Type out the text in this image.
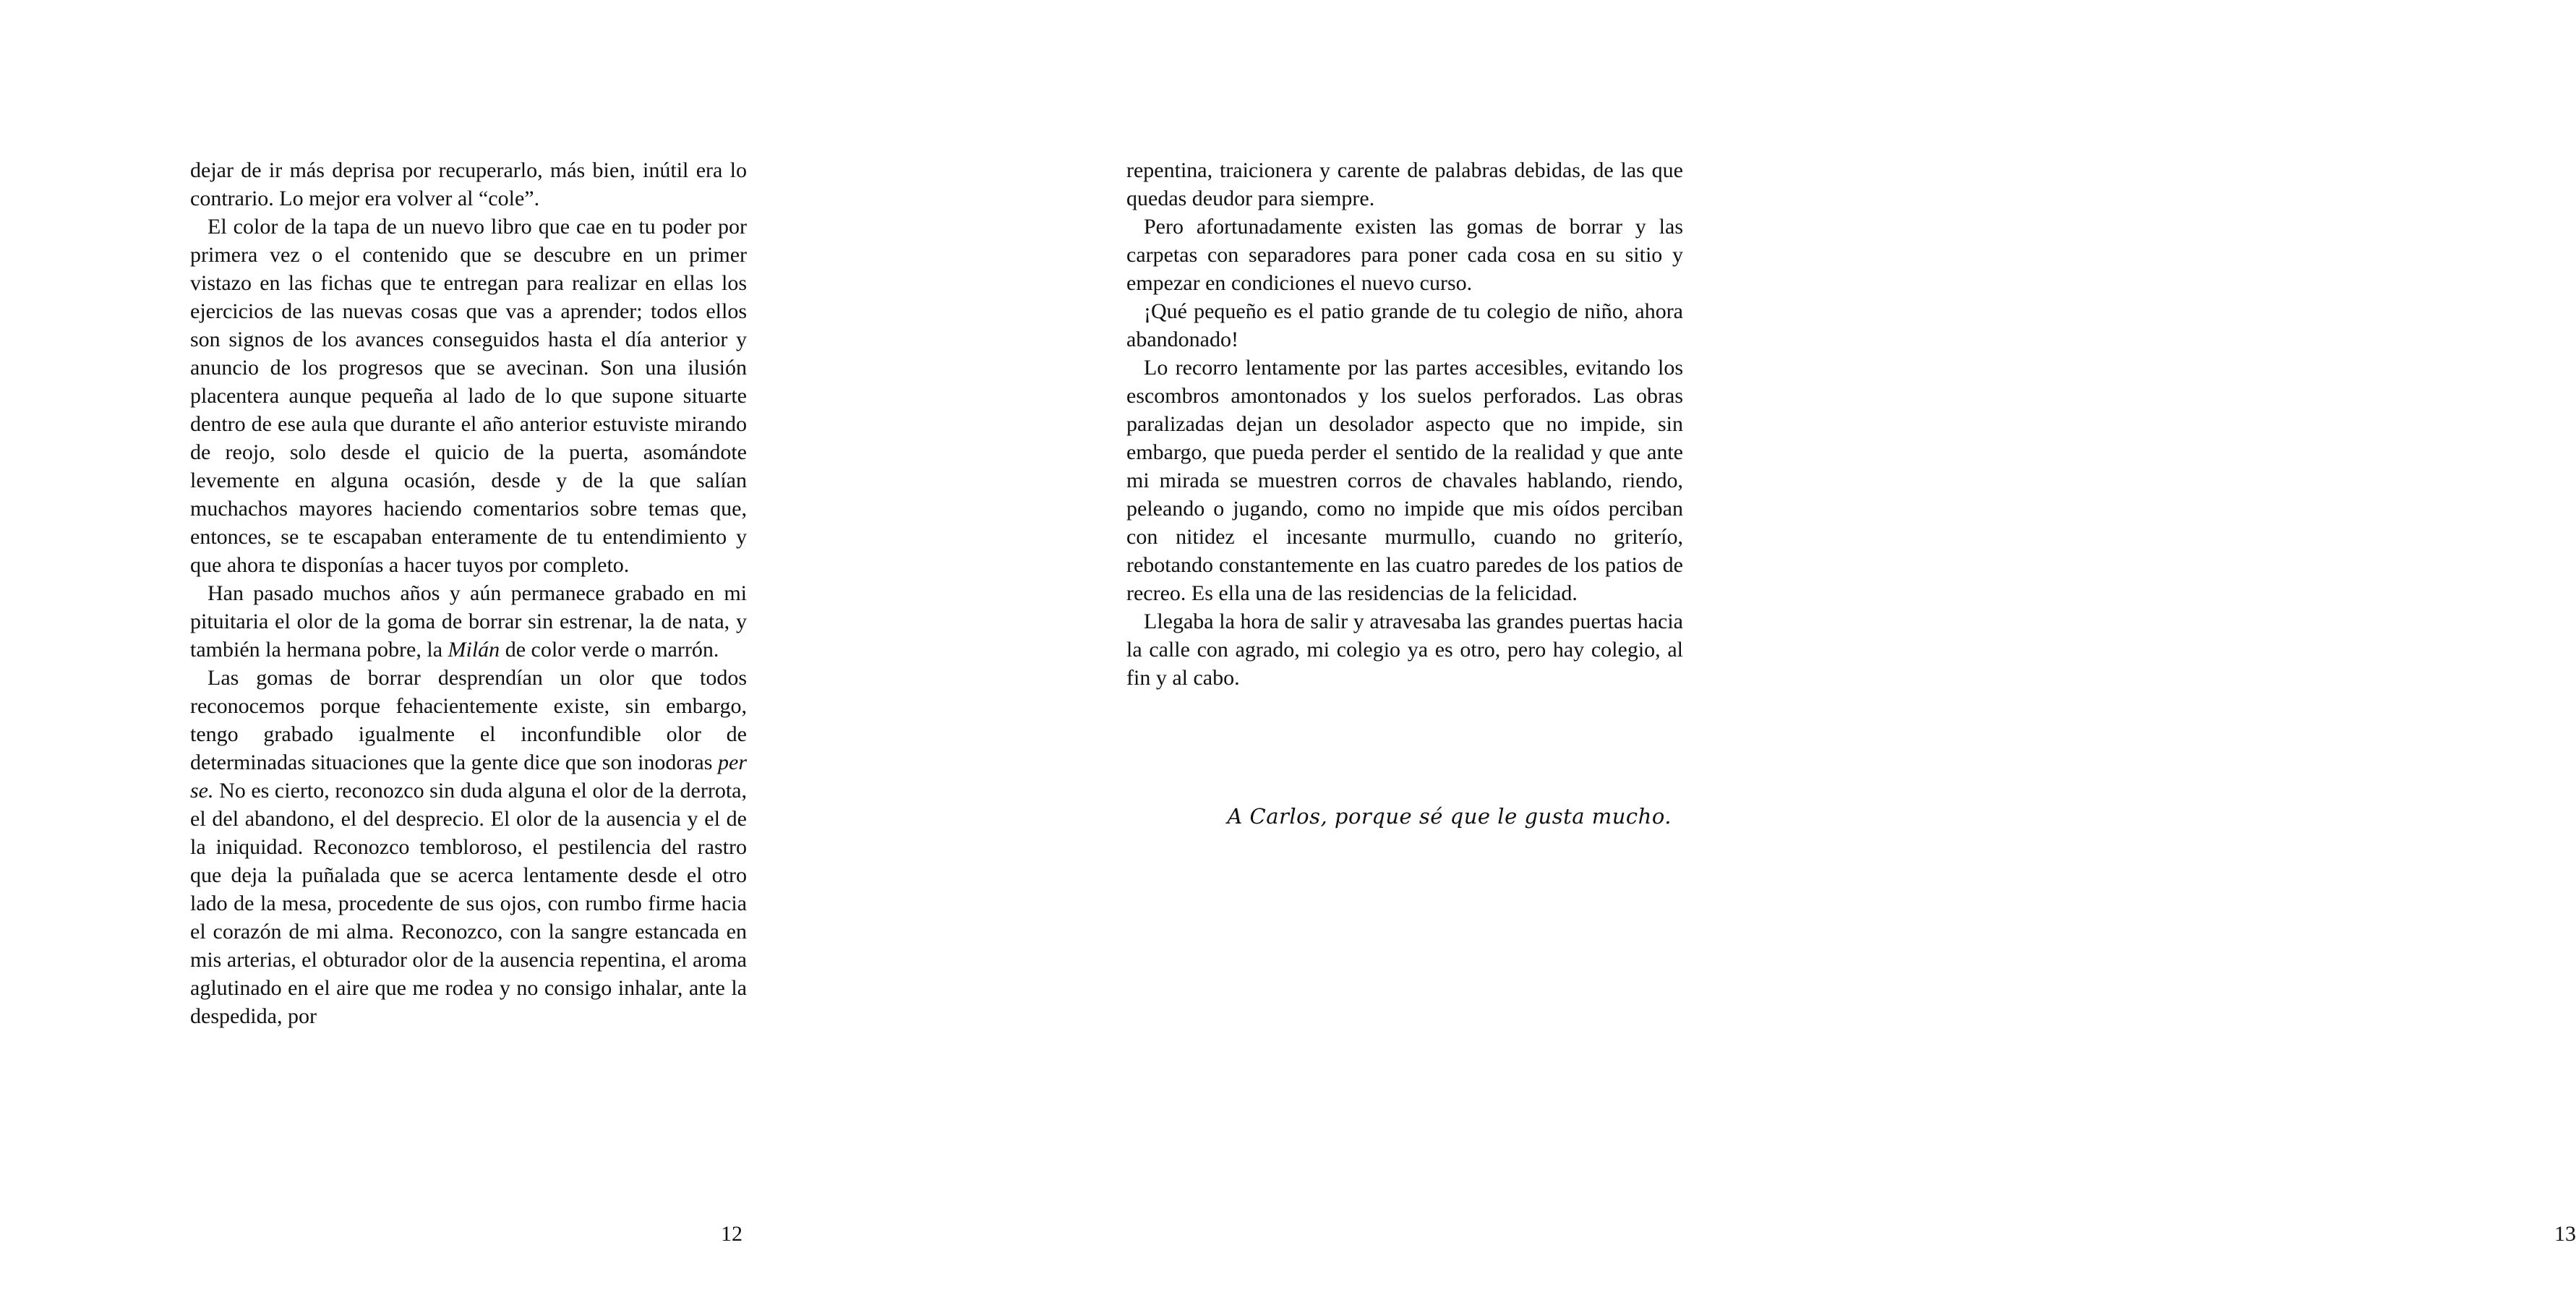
dejar de ir más deprisa por recuperarlo, más bien, inútil era lo contrario. Lo mejor era volver al “cole”.

El color de la tapa de un nuevo libro que cae en tu poder por primera vez o el contenido que se descubre en un primer vistazo en las fichas que te entregan para realizar en ellas los ejercicios de las nuevas cosas que vas a aprender; todos ellos son signos de los avances conseguidos hasta el día anterior y anuncio de los progresos que se avecinan. Son una ilusión placentera aunque pequeña al lado de lo que supone situarte dentro de ese aula que durante el año anterior estuviste mirando de reojo, solo desde el quicio de la puerta, asomándote levemente en alguna ocasión, desde y de la que salían muchachos mayores haciendo comentarios sobre temas que, entonces, se te escapaban enteramente de tu entendimiento y que ahora te disponías a hacer tuyos por completo.

Han pasado muchos años y aún permanece grabado en mi pituitaria el olor de la goma de borrar sin estrenar, la de nata, y también la hermana pobre, la Milán de color verde o marrón.

Las gomas de borrar desprendían un olor que todos reconocemos porque fehacientemente existe, sin embargo, tengo grabado igualmente el inconfundible olor de determinadas situaciones que la gente dice que son inodoras per se. No es cierto, reconozco sin duda alguna el olor de la derrota, el del abandono, el del desprecio. El olor de la ausencia y el de la iniquidad. Reconozco tembloroso, el pestilencia del rastro que deja la puñalada que se acerca lentamente desde el otro lado de la mesa, procedente de sus ojos, con rumbo firme hacia el corazón de mi alma. Reconozco, con la sangre estancada en mis arterias, el obturador olor de la ausencia repentina, el aroma aglutinado en el aire que me rodea y no consigo inhalar, ante la despedida, por

12

repentina, traicionera y carente de palabras debidas, de las que quedas deudor para siempre.

Pero afortunadamente existen las gomas de borrar y las carpetas con separadores para poner cada cosa en su sitio y empezar en condiciones el nuevo curso.

¡Qué pequeño es el patio grande de tu colegio de niño, ahora abandonado!

Lo recorro lentamente por las partes accesibles, evitando los escombros amontonados y los suelos perforados. Las obras paralizadas dejan un desolador aspecto que no impide, sin embargo, que pueda perder el sentido de la realidad y que ante mi mirada se muestren corros de chavales hablando, riendo, peleando o jugando, como no impide que mis oídos perciban con nitidez el incesante murmullo, cuando no griterío, rebotando constantemente en las cuatro paredes de los patios de recreo. Es ella una de las residencias de la felicidad.

Llegaba la hora de salir y atravesaba las grandes puertas hacia la calle con agrado, mi colegio ya es otro, pero hay colegio, al fin y al cabo.

A Carlos, porque sé que le gusta mucho.
13
